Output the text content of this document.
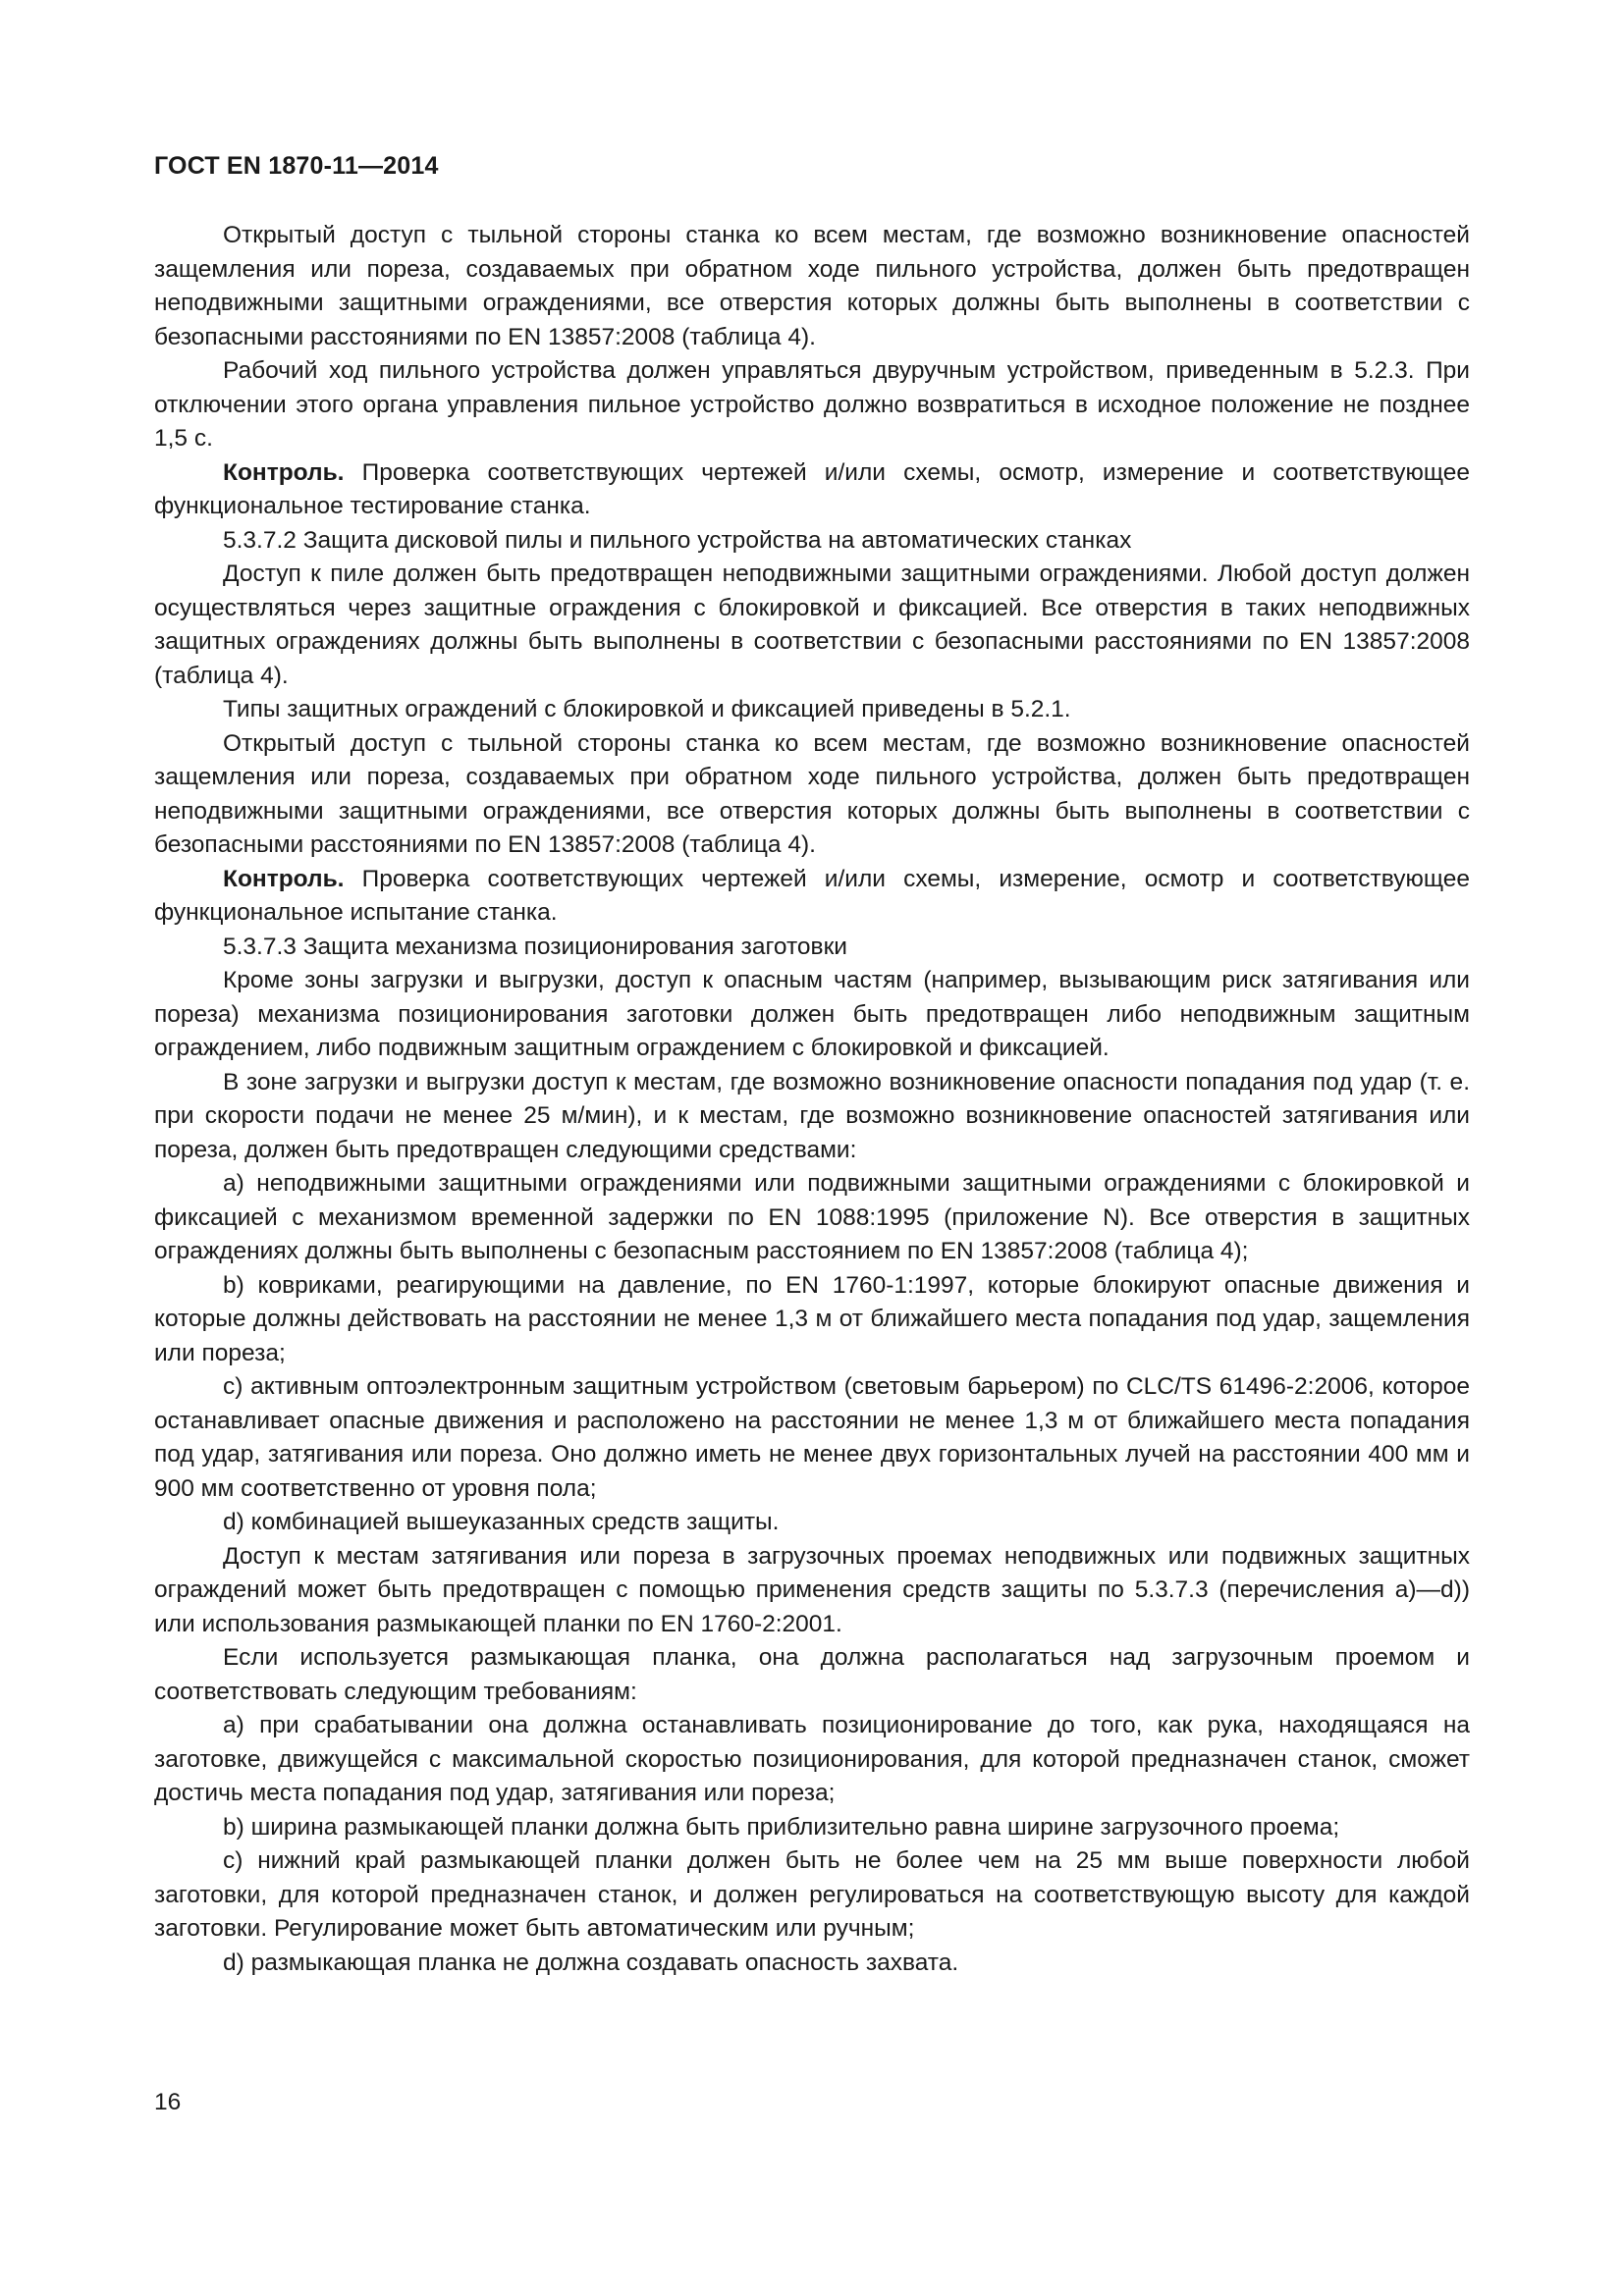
ГОСТ EN 1870-11—2014

Открытый доступ с тыльной стороны станка ко всем местам, где возможно возникновение опасностей защемления или пореза, создаваемых при обратном ходе пильного устройства, должен быть предотвращен неподвижными защитными ограждениями, все отверстия которых должны быть выполнены в соответствии с безопасными расстояниями по EN 13857:2008 (таблица 4).

Рабочий ход пильного устройства должен управляться двуручным устройством, приведенным в 5.2.3. При отключении этого органа управления пильное устройство должно возвратиться в исходное положение не позднее 1,5 с.

Контроль. Проверка соответствующих чертежей и/или схемы, осмотр, измерение и соответствующее функциональное тестирование станка.

5.3.7.2 Защита дисковой пилы и пильного устройства на автоматических станках

Доступ к пиле должен быть предотвращен неподвижными защитными ограждениями. Любой доступ должен осуществляться через защитные ограждения с блокировкой и фиксацией. Все отверстия в таких неподвижных защитных ограждениях должны быть выполнены в соответствии с безопасными расстояниями по EN 13857:2008 (таблица 4).

Типы защитных ограждений с блокировкой и фиксацией приведены в 5.2.1.

Открытый доступ с тыльной стороны станка ко всем местам, где возможно возникновение опасностей защемления или пореза, создаваемых при обратном ходе пильного устройства, должен быть предотвращен неподвижными защитными ограждениями, все отверстия которых должны быть выполнены в соответствии с безопасными расстояниями по EN 13857:2008 (таблица 4).

Контроль. Проверка соответствующих чертежей и/или схемы, измерение, осмотр и соответствующее функциональное испытание станка.

5.3.7.3 Защита механизма позиционирования заготовки

Кроме зоны загрузки и выгрузки, доступ к опасным частям (например, вызывающим риск затягивания или пореза) механизма позиционирования заготовки должен быть предотвращен либо неподвижным защитным ограждением, либо подвижным защитным ограждением с блокировкой и фиксацией.

В зоне загрузки и выгрузки доступ к местам, где возможно возникновение опасности попадания под удар (т. е. при скорости подачи не менее 25 м/мин), и к местам, где возможно возникновение опасностей затягивания или пореза, должен быть предотвращен следующими средствами:

a) неподвижными защитными ограждениями или подвижными защитными ограждениями с блокировкой и фиксацией с механизмом временной задержки по EN 1088:1995 (приложение N). Все отверстия в защитных ограждениях должны быть выполнены с безопасным расстоянием по EN 13857:2008 (таблица 4);

b) ковриками, реагирующими на давление, по EN 1760-1:1997, которые блокируют опасные движения и которые должны действовать на расстоянии не менее 1,3 м от ближайшего места попадания под удар, защемления или пореза;

c) активным оптоэлектронным защитным устройством (световым барьером) по CLC/TS 61496-2:2006, которое останавливает опасные движения и расположено на расстоянии не менее 1,3 м от ближайшего места попадания под удар, затягивания или пореза. Оно должно иметь не менее двух горизонтальных лучей на расстоянии 400 мм и 900 мм соответственно от уровня пола;

d) комбинацией вышеуказанных средств защиты.

Доступ к местам затягивания или пореза в загрузочных проемах неподвижных или подвижных защитных ограждений может быть предотвращен с помощью применения средств защиты по 5.3.7.3 (перечисления а)—d)) или использования размыкающей планки по EN 1760-2:2001.

Если используется размыкающая планка, она должна располагаться над загрузочным проемом и соответствовать следующим требованиям:

a) при срабатывании она должна останавливать позиционирование до того, как рука, находящаяся на заготовке, движущейся с максимальной скоростью позиционирования, для которой предназначен станок, сможет достичь места попадания под удар, затягивания или пореза;

b) ширина размыкающей планки должна быть приблизительно равна ширине загрузочного проема;

c) нижний край размыкающей планки должен быть не более чем на 25 мм выше поверхности любой заготовки, для которой предназначен станок, и должен регулироваться на соответствующую высоту для каждой заготовки. Регулирование может быть автоматическим или ручным;

d) размыкающая планка не должна создавать опасность захвата.

16
